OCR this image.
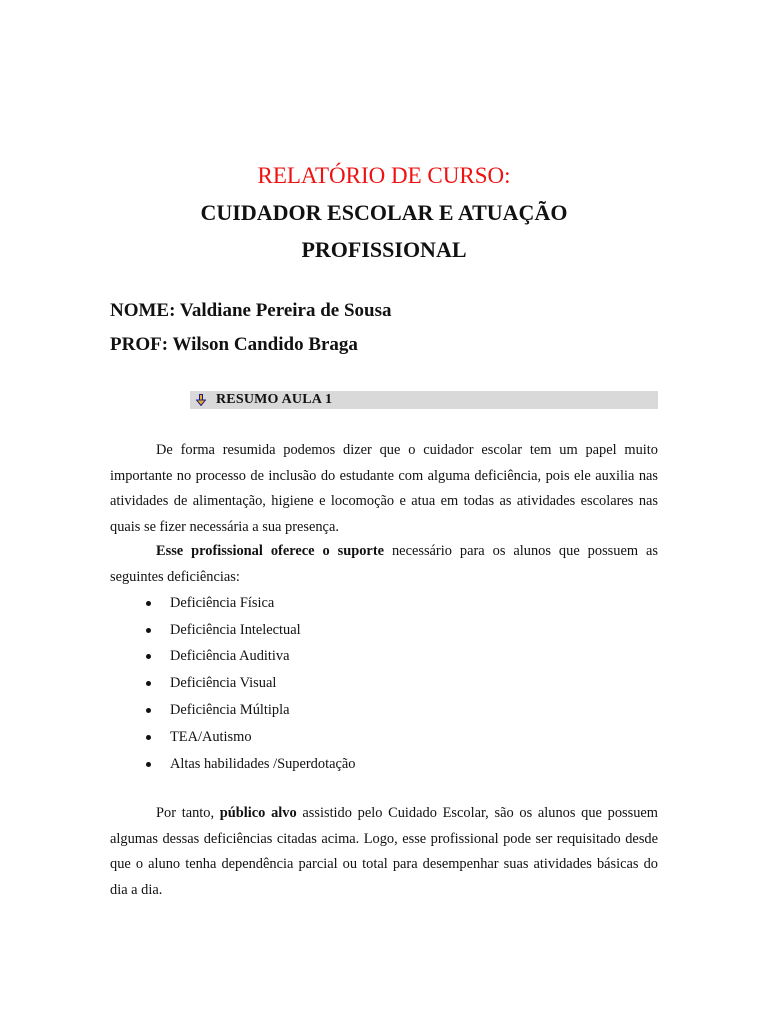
RELATÓRIO DE CURSO:
CUIDADOR ESCOLAR E ATUAÇÃO
PROFISSIONAL
NOME: Valdiane Pereira de Sousa
PROF: Wilson Candido Braga
RESUMO AULA 1
De forma resumida podemos dizer que o cuidador escolar tem um papel muito importante no processo de inclusão do estudante com alguma deficiência, pois ele auxilia nas atividades de alimentação, higiene e locomoção e atua em todas as atividades escolares nas quais se fizer necessária a sua presença.
Esse profissional oferece o suporte necessário para os alunos que possuem as seguintes deficiências:
Deficiência Física
Deficiência Intelectual
Deficiência Auditiva
Deficiência Visual
Deficiência Múltipla
TEA/Autismo
Altas habilidades /Superdotação
Por tanto, público alvo assistido pelo Cuidado Escolar, são os alunos que possuem algumas dessas deficiências citadas acima. Logo, esse profissional pode ser requisitado desde que o aluno tenha dependência parcial ou total para desempenhar suas atividades básicas do dia a dia.
